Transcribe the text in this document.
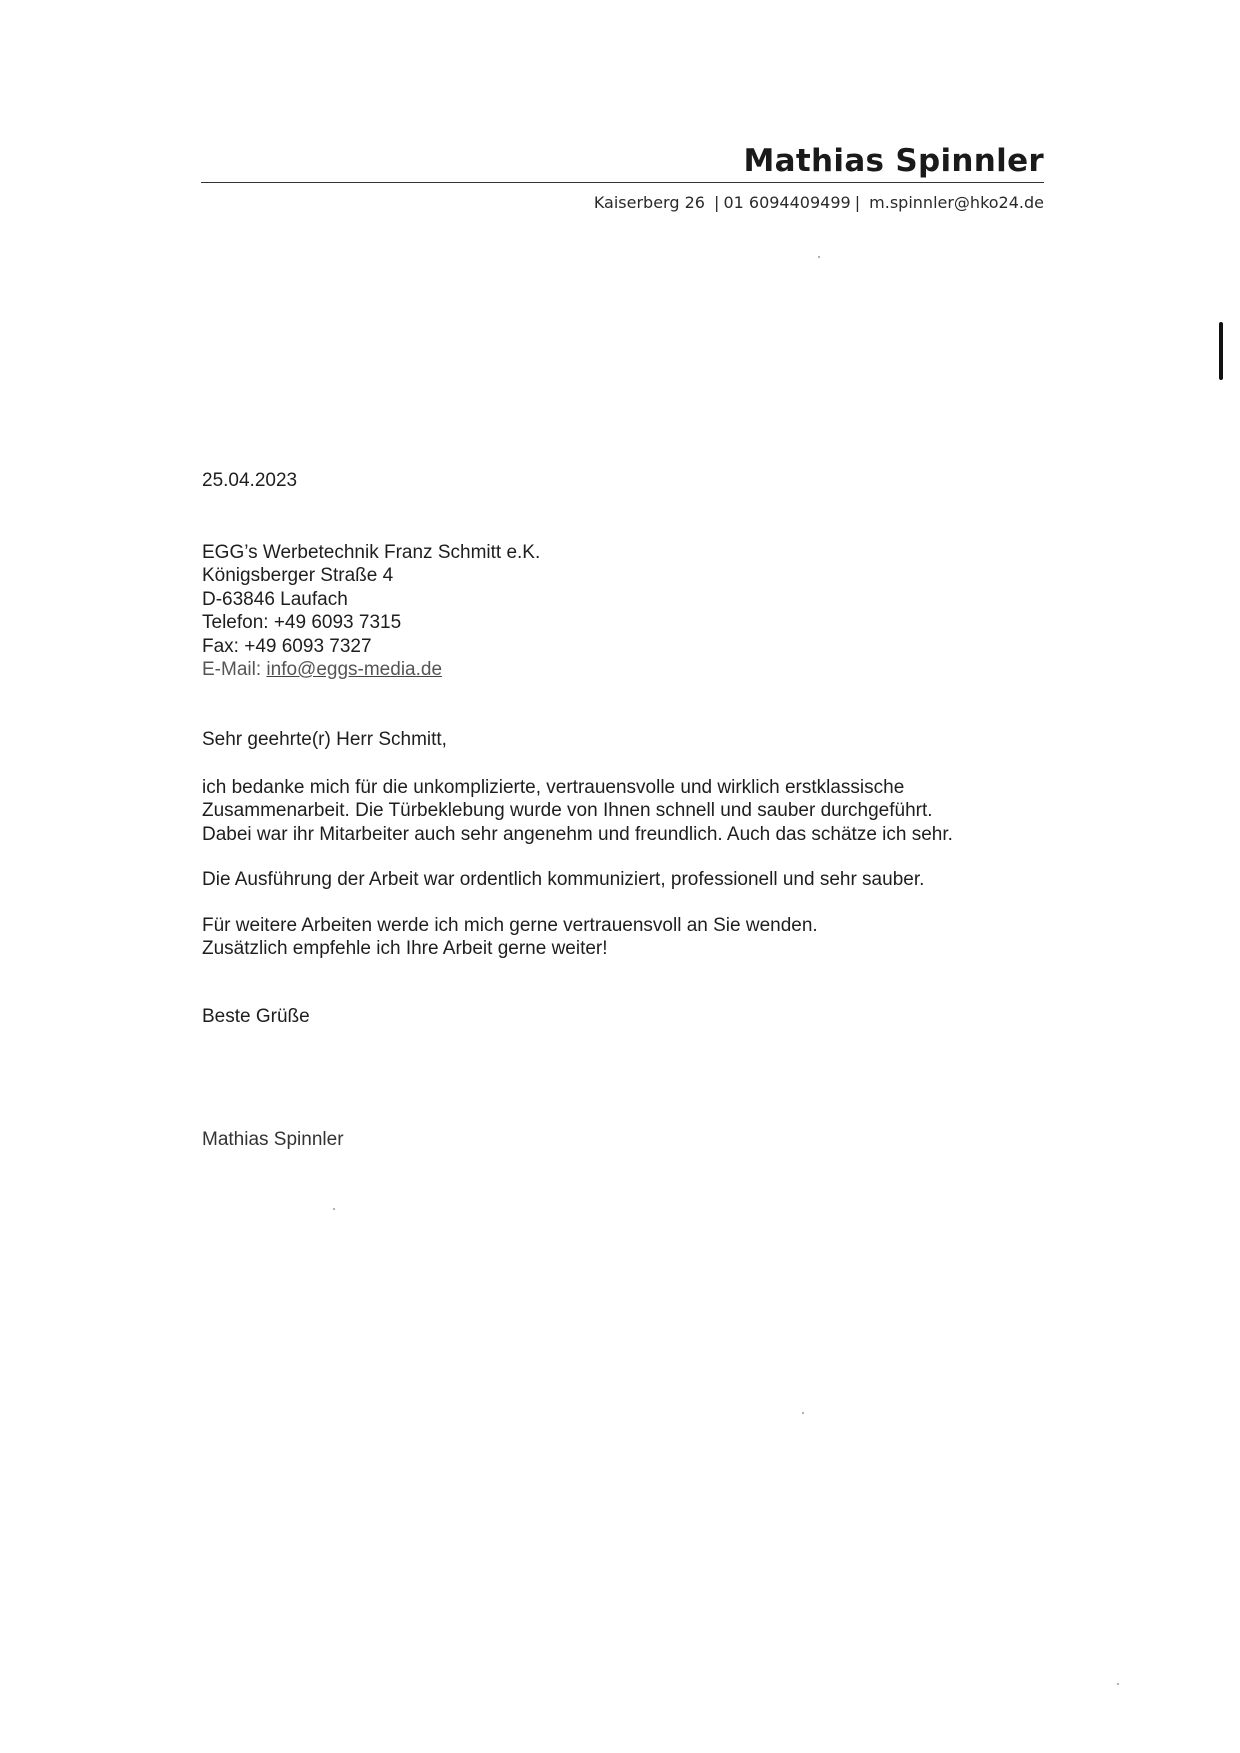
Mathias Spinnler
Kaiserberg 26 | 01 6094409499 | m.spinnler@hko24.de
25.04.2023
EGG’s Werbetechnik Franz Schmitt e.K.
Königsberger Straße 4
D-63846 Laufach
Telefon: +49 6093 7315
Fax: +49 6093 7327
E-Mail: info@eggs-media.de
Sehr geehrte(r) Herr Schmitt,
ich bedanke mich für die unkomplizierte, vertrauensvolle und wirklich erstklassische
Zusammenarbeit. Die Türbeklebung wurde von Ihnen schnell und sauber durchgeführt.
Dabei war ihr Mitarbeiter auch sehr angenehm und freundlich. Auch das schätze ich sehr.
Die Ausführung der Arbeit war ordentlich kommuniziert, professionell und sehr sauber.
Für weitere Arbeiten werde ich mich gerne vertrauensvoll an Sie wenden.
Zusätzlich empfehle ich Ihre Arbeit gerne weiter!
Beste Grüße
Mathias Spinnler
